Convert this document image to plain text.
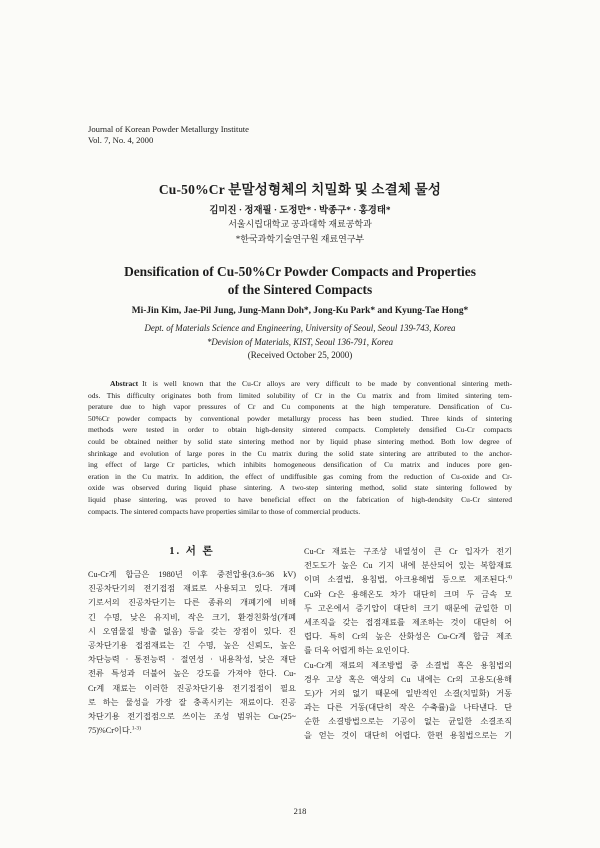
Journal of Korean Powder Metallurgy Institute
Vol. 7, No. 4, 2000
Cu-50%Cr 분말성형체의 치밀화 및 소결체 물성
김미진 · 정재필 · 도정만* · 박종구* · 홍경태*
서울시립대학교 공과대학 재료공학과
*한국과학기술연구원 재료연구부
Densification of Cu-50%Cr Powder Compacts and Properties
of the Sintered Compacts
Mi-Jin Kim, Jae-Pil Jung, Jung-Mann Doh*, Jong-Ku Park* and Kyung-Tae Hong*
Dept. of Materials Science and Engineering, University of Seoul, Seoul 139-743, Korea
*Devision of Materials, KIST, Seoul 136-791, Korea
(Received October 25, 2000)
Abstract It is well known that the Cu-Cr alloys are very difficult to be made by conventional sintering meth-
ods. This difficulty originates both from limited solubility of Cr in the Cu matrix and from limited sintering tem-
perature due to high vapor pressures of Cr and Cu components at the high temperature. Densification of Cu-
50%Cr powder compacts by conventional powder metallurgy process has been studied. Three kinds of sintering
methods were tested in order to obtain high-density sintered compacts. Completely densified Cu-Cr compacts
could be obtained neither by solid state sintering method nor by liquid phase sintering method. Both low degree of
shrinkage and evolution of large pores in the Cu matrix during the solid state sintering are attributed to the anchor-
ing effect of large Cr particles, which inhibits homogeneous densification of Cu matrix and induces pore gen-
eration in the Cu matrix. In addition, the effect of undiffusible gas coming from the reduction of Cu-oxide and Cr-
oxide was observed during liquid phase sintering. A two-step sintering method, solid state sintering followed by
liquid phase sintering, was proved to have beneficial effect on the fabrication of high-dendsity Cu-Cr sintered
compacts. The sintered compacts have properties similar to those of commercial products.
1. 서 론
Cu-Cr계 합금은 1980년 이후 중전압용(3.6~36 kV)
진공차단기의 전기접점 재료로 사용되고 있다. 개폐
기로서의 진공차단기는 다른 종류의 개폐기에 비해
긴 수명, 낮은 유지비, 작은 크기, 환경친화성(개폐
시 오염물질 방출 없음) 등을 갖는 장점이 있다. 진
공차단기용 접점재료는 긴 수명, 높은 신뢰도, 높은
차단능력 · 통전능력 · 절연성 · 내용착성, 낮은 재단
전류 특성과 더불어 높은 강도를 가져야 한다. Cu-
Cr계 재료는 이러한 진공차단기용 전기접점이 필요
로 하는 물성을 가장 잘 충족시키는 재료이다. 진공
차단기용 전기접점으로 쓰이는 조성 범위는 Cu-(25~
75)%Cr이다.$^{1-3)}$
Cu-Cr 재료는 구조상 내열성이 큰 Cr 입자가 전기
전도도가 높은 Cu 기지 내에 분산되어 있는 복합재료
이며 소결법, 용침법, 아크용해법 등으로 제조된다.$^{4)}$
Cu와 Cr은 용해온도 차가 대단히 크며 두 금속 모
두 고온에서 증기압이 대단히 크기 때문에 균일한 미
세조직을 갖는 접점재료를 제조하는 것이 대단히 어
렵다. 특히 Cr의 높은 산화성은 Cu-Cr계 합금 제조
를 더욱 어렵게 하는 요인이다.
Cu-Cr계 재료의 제조방법 중 소결법 혹은 용침법의
경우 고상 혹은 액상의 Cu 내에는 Cr의 고용도(용해
도)가 거의 없기 때문에 일반적인 소결(치밀화) 거동
과는 다른 거동(대단히 작은 수축률)을 나타낸다. 단
순한 소결방법으로는 기공이 없는 균일한 소결조직
을 얻는 것이 대단히 어렵다. 한편 용침법으로는 기
218
